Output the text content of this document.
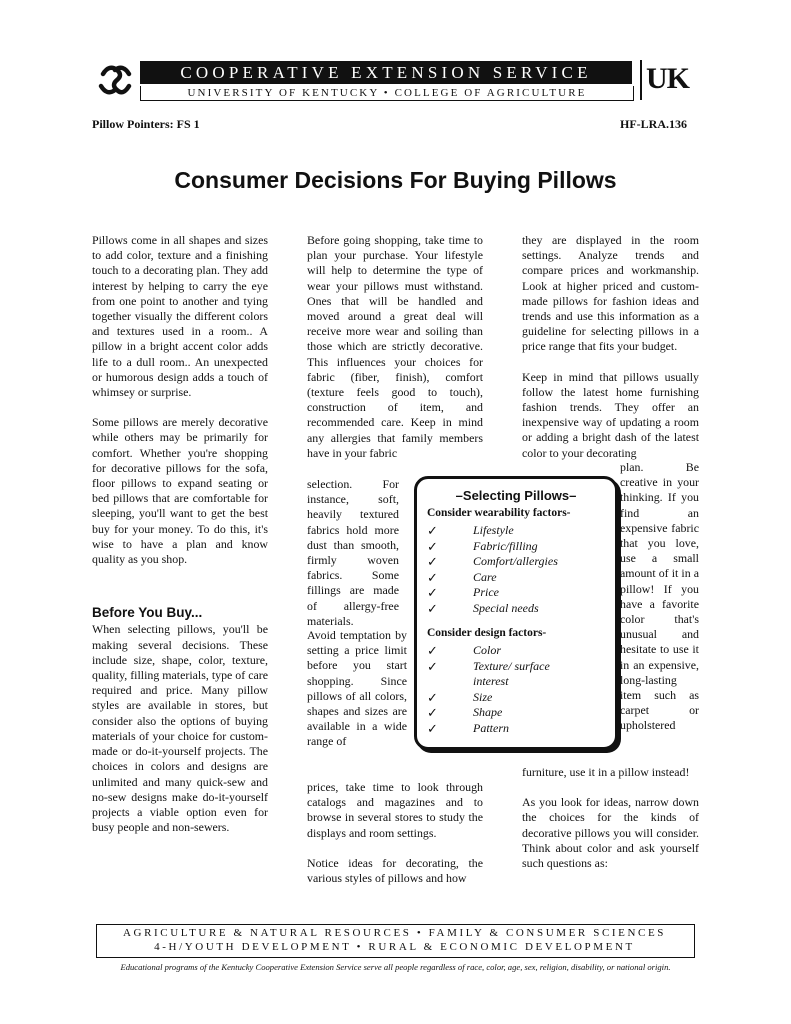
COOPERATIVE EXTENSION SERVICE
UNIVERSITY OF KENTUCKY • COLLEGE OF AGRICULTURE	UK
Pillow Pointers: FS 1	HF-LRA.136
Consumer Decisions For Buying Pillows

Pillows come in all shapes and sizes to add color, texture and a finishing touch to a decorating plan. They add interest by helping to carry the eye from one point to another and tying together visually the different colors and textures used in a room.. A pillow in a bright accent color adds life to a dull room.. An unexpected or humorous design adds a touch of whimsey or surprise.

Some pillows are merely decorative while others may be primarily for comfort. Whether you're shopping for decorative pillows for the sofa, floor pillows to expand seating or bed pillows that are comfortable for sleeping, you'll want to get the best buy for your money. To do this, it's wise to have a plan and know quality as you shop.

Before You Buy...

When selecting pillows, you'll be making several decisions. These include size, shape, color, texture, quality, filling materials, type of care required and price. Many pillow styles are available in stores, but consider also the options of buying materials of your choice for custom-made or do-it-yourself projects. The choices in colors and designs are unlimited and many quick-sew and no-sew designs make do-it-yourself projects a viable option even for busy people and non-sewers.

Before going shopping, take time to plan your purchase. Your lifestyle will help to determine the type of wear your pillows must withstand. Ones that will be handled and moved around a great deal will receive more wear and soiling than those which are strictly decorative. This influences your choices for fabric (fiber, finish), comfort (texture feels good to touch), construction of item, and recommended care. Keep in mind any allergies that family members have in your fabric

selection. For instance, soft, heavily textured fabrics hold more dust than smooth, firmly woven fabrics. Some fillings are made of allergy-free materials.
Avoid temptation by setting a price limit before you start shopping. Since pillows of all colors, shapes and sizes are available in a wide range of
prices, take time to look through catalogs and magazines and to browse in several stores to study the displays and room settings.
Notice ideas for decorating, the various styles of pillows and how

they are displayed in the room settings. Analyze trends and compare prices and workmanship. Look at higher priced and custom-made pillows for fashion ideas and trends and use this information as a guideline for selecting pillows in a price range that fits your budget.

Keep in mind that pillows usually follow the latest home furnishing fashion trends. They offer an inexpensive way of updating a room or adding a bright dash of the latest color to your decorating

plan. Be creative in your thinking. If you find an expensive fabric that you love, use a small amount of it in a pillow! If you have a favorite color that's unusual and hesitate to use it in an expensive, long-lasting item such as carpet or upholstered

furniture, use it in a pillow instead!

As you look for ideas, narrow down the choices for the kinds of decorative pillows you will consider. Think about color and ask yourself such questions as:

–Selecting Pillows–
Consider wearability factors-
✓	Lifestyle
✓	Fabric/filling
✓	Comfort/allergies
✓	Care
✓	Price
✓	Special needs
Consider design factors-
✓	Color
✓	Texture/ surface interest
✓	Size
✓	Shape
✓	Pattern
AGRICULTURE & NATURAL RESOURCES • FAMILY & CONSUMER SCIENCES
4-H/YOUTH DEVELOPMENT • RURAL & ECONOMIC DEVELOPMENT
Educational programs of the Kentucky Cooperative Extension Service serve all people regardless of race, color, age, sex, religion, disability, or national origin.
